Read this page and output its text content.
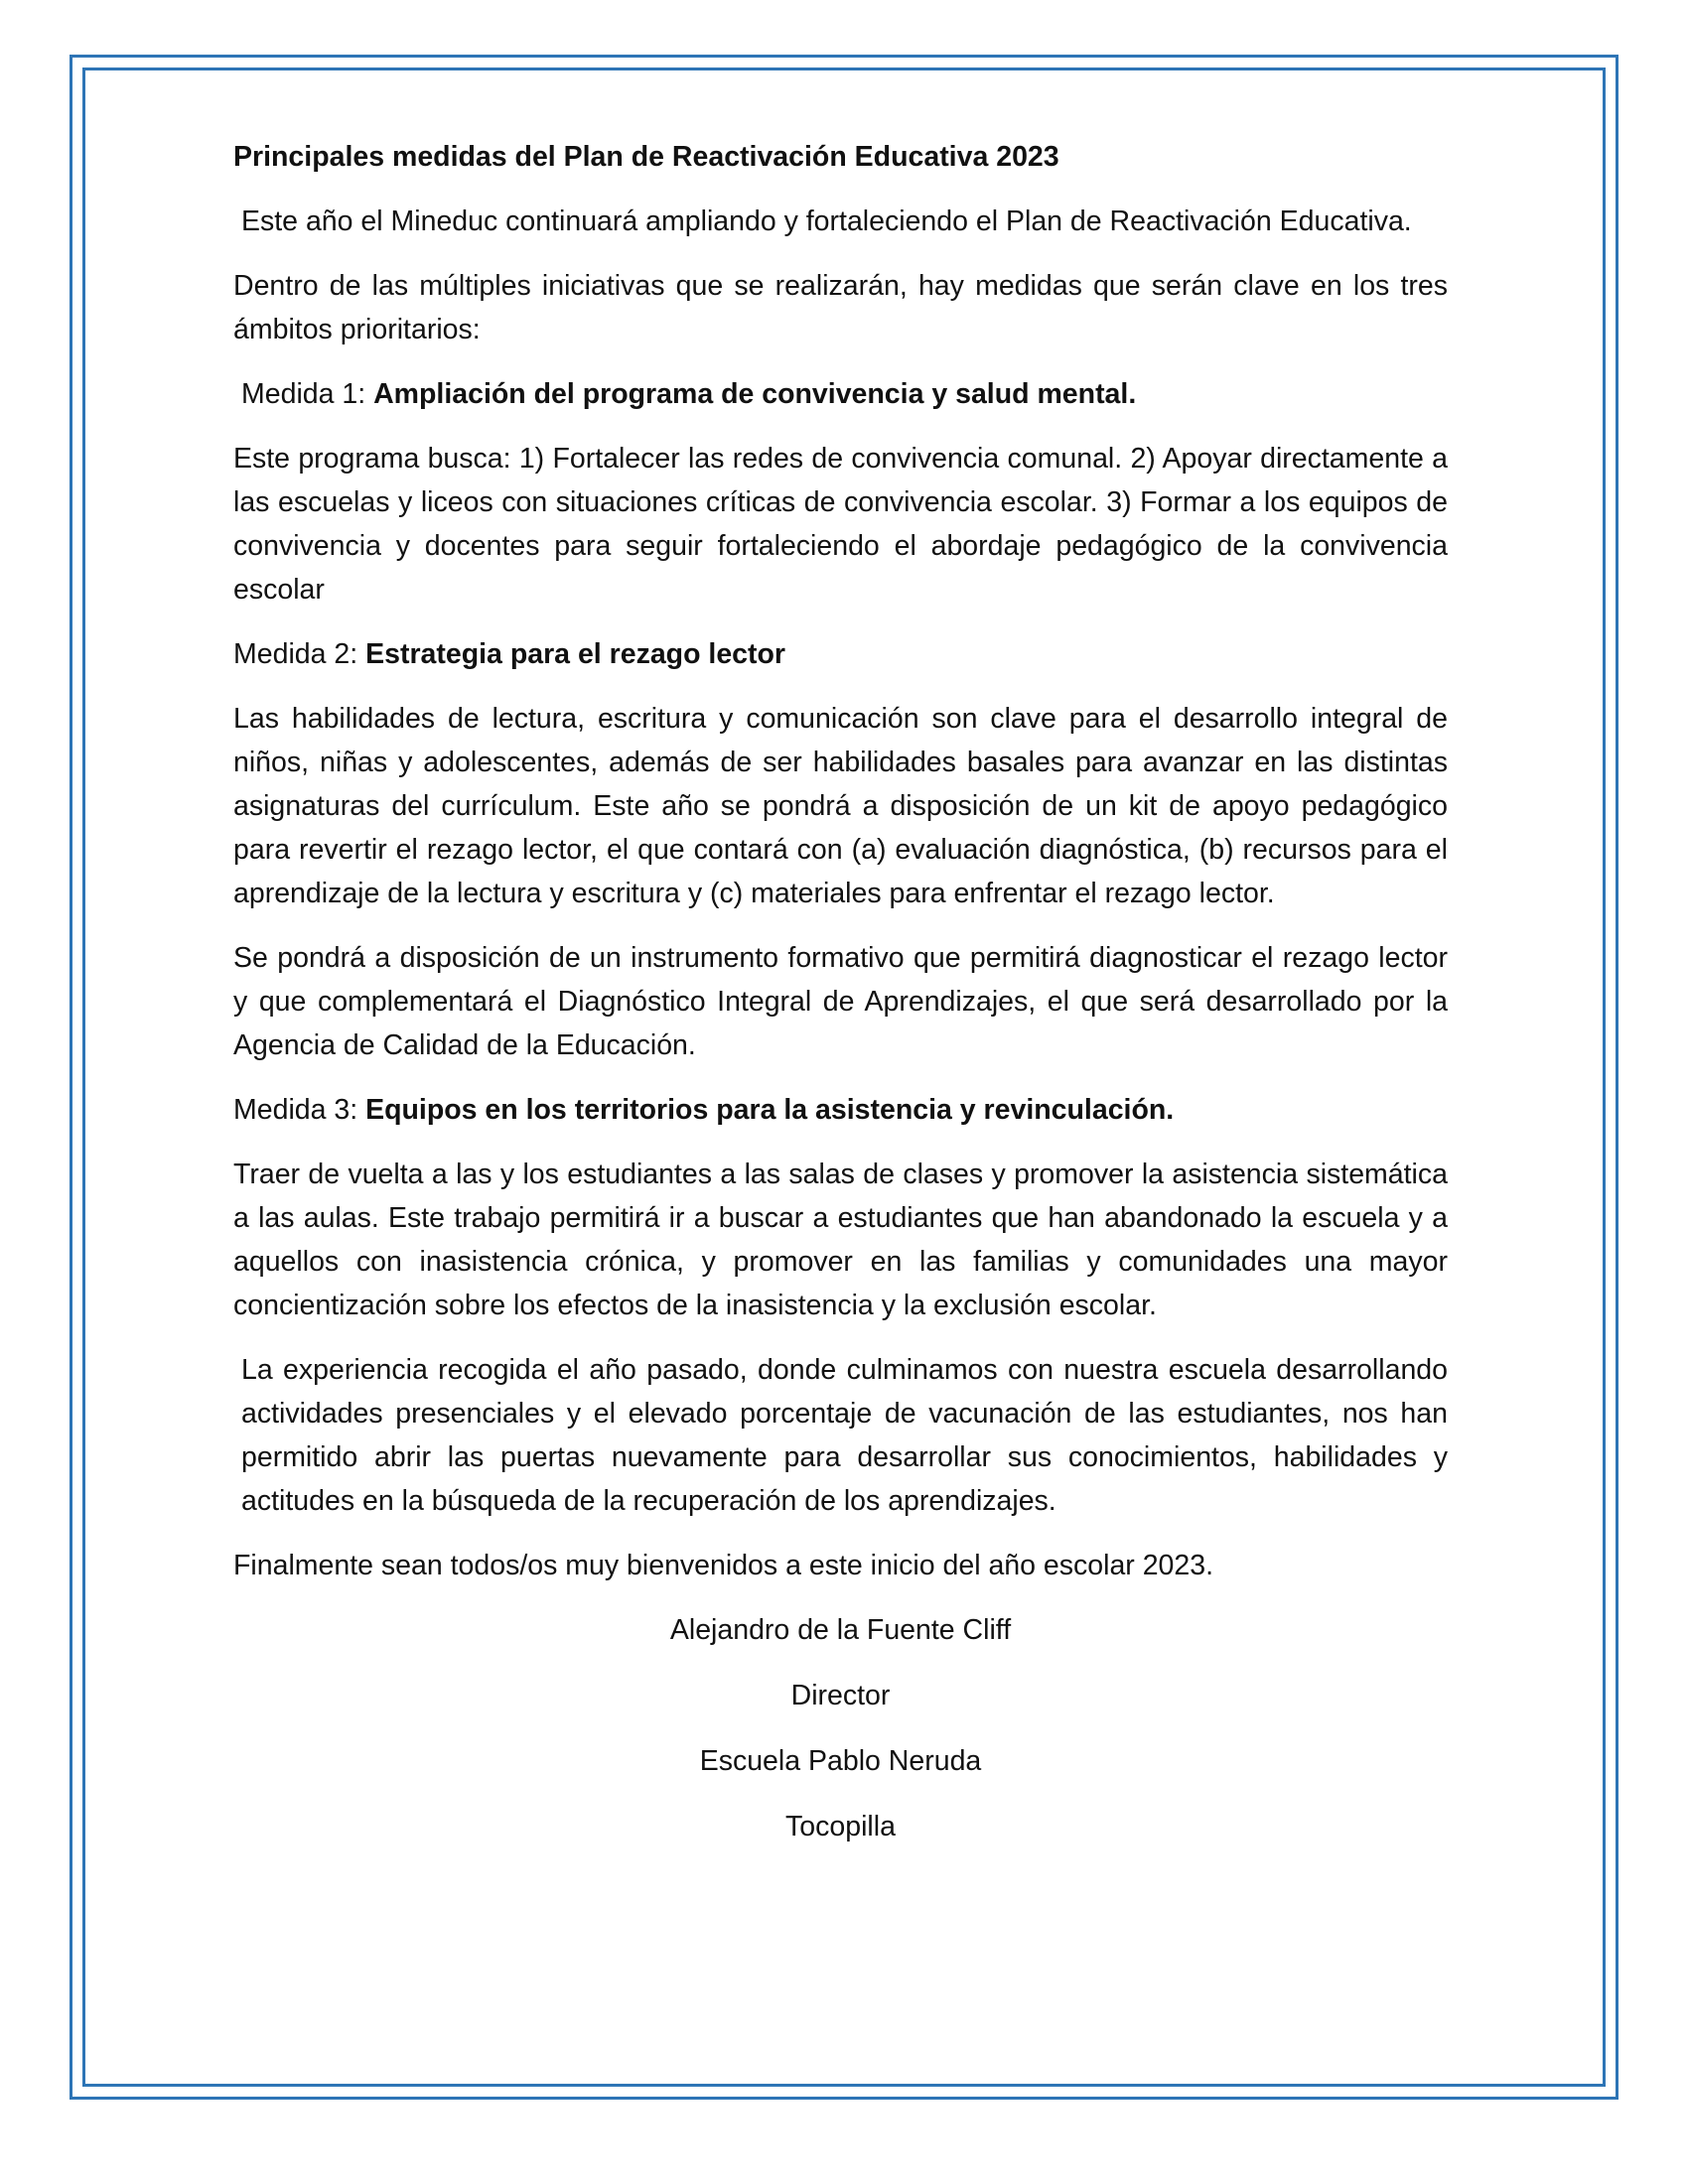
Principales medidas del Plan de Reactivación Educativa 2023

Este año el Mineduc continuará ampliando y fortaleciendo el Plan de Reactivación Educativa.

Dentro de las múltiples iniciativas que se realizarán, hay medidas que serán clave en los tres ámbitos prioritarios:

Medida 1: Ampliación del programa de convivencia y salud mental.

Este programa busca: 1) Fortalecer las redes de convivencia comunal. 2) Apoyar directamente a las escuelas y liceos con situaciones críticas de convivencia escolar. 3) Formar a los equipos de convivencia y docentes para seguir fortaleciendo el abordaje pedagógico de la convivencia escolar

Medida 2: Estrategia para el rezago lector

Las habilidades de lectura, escritura y comunicación son clave para el desarrollo integral de niños, niñas y adolescentes, además de ser habilidades basales para avanzar en las distintas asignaturas del currículum. Este año se pondrá a disposición de un kit de apoyo pedagógico para revertir el rezago lector, el que contará con (a) evaluación diagnóstica, (b) recursos para el aprendizaje de la lectura y escritura y (c) materiales para enfrentar el rezago lector.

Se pondrá a disposición de un instrumento formativo que permitirá diagnosticar el rezago lector y que complementará el Diagnóstico Integral de Aprendizajes, el que será desarrollado por la Agencia de Calidad de la Educación.

Medida 3: Equipos en los territorios para la asistencia y revinculación.

Traer de vuelta a las y los estudiantes a las salas de clases y promover la asistencia sistemática a las aulas. Este trabajo permitirá ir a buscar a estudiantes que han abandonado la escuela y a aquellos con inasistencia crónica, y promover en las familias y comunidades una mayor concientización sobre los efectos de la inasistencia y la exclusión escolar.

La experiencia recogida el año pasado, donde culminamos con nuestra escuela desarrollando actividades presenciales y el elevado porcentaje de vacunación de las estudiantes, nos han permitido abrir las puertas nuevamente para desarrollar sus conocimientos, habilidades y actitudes en la búsqueda de la recuperación de los aprendizajes.

Finalmente sean todos/os muy bienvenidos a este inicio del año escolar 2023.

Alejandro de la Fuente Cliff

Director

Escuela Pablo Neruda

Tocopilla
